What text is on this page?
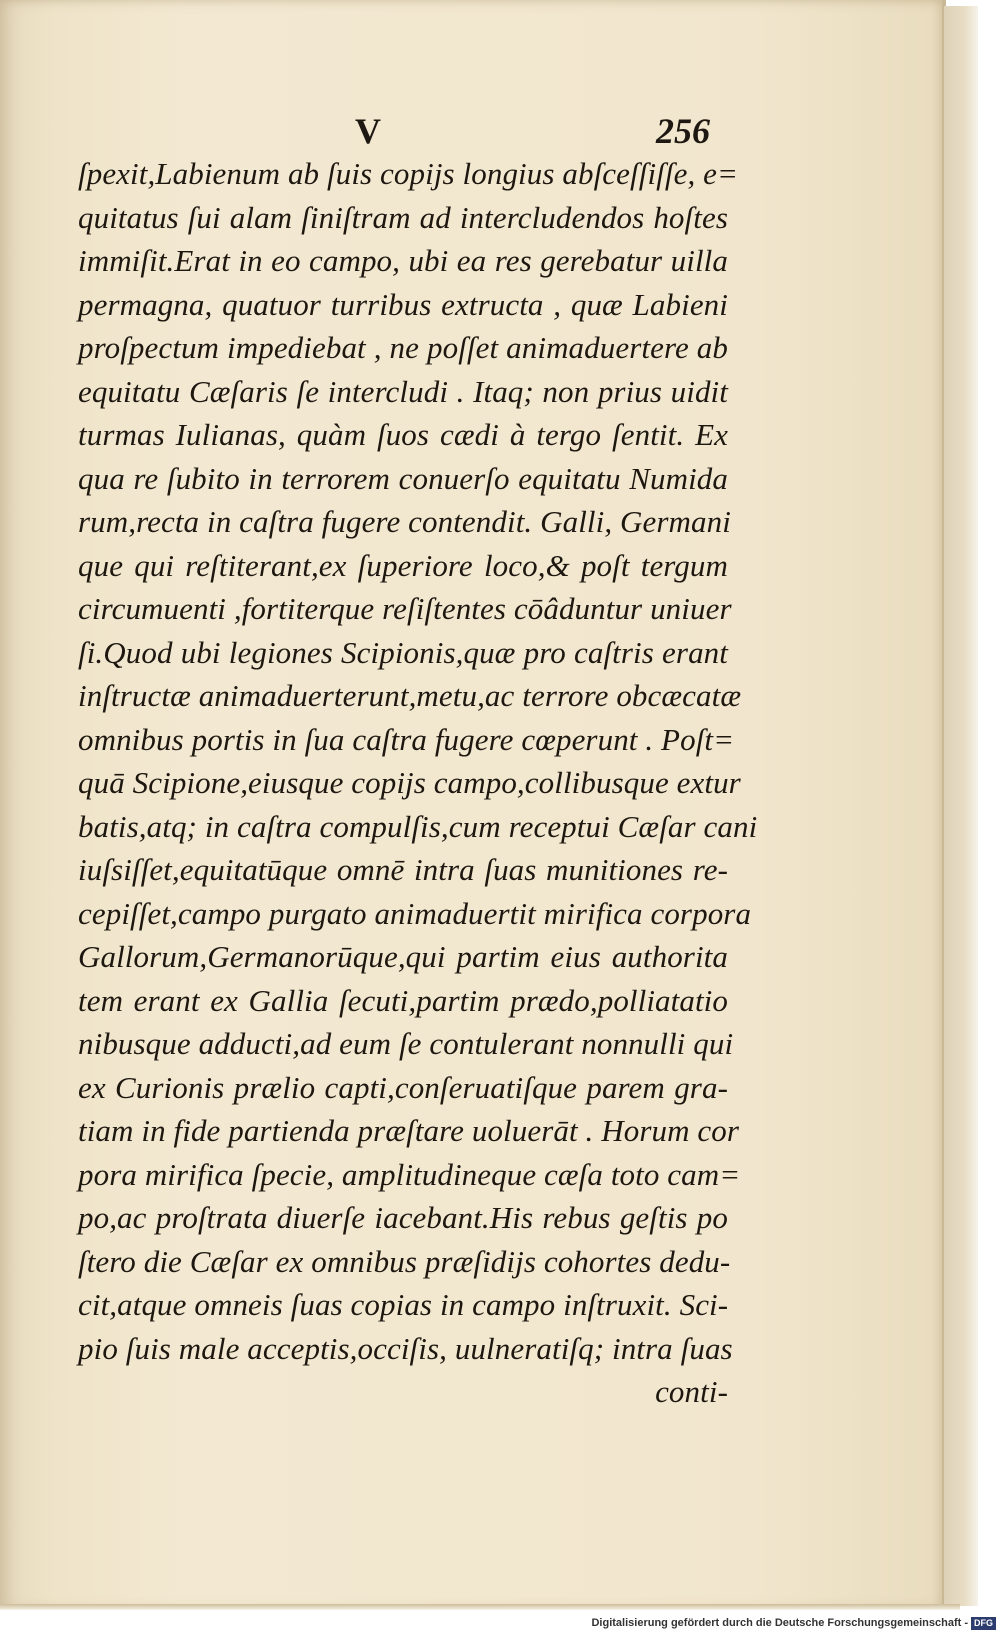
V	256
ſpexit,Labienum ab ſuis copijs longius abſceſſiſſe, e=
quitatus ſui alam ſiniſtram ad intercludendos hoſtes
immiſit.Erat in eo campo, ubi ea res gerebatur uilla
permagna, quatuor turribus extructa , quæ Labieni
proſpectum impediebat , ne poſſet animaduertere ab
equitatu Cæſaris ſe intercludi . Itaq; non prius uidit
turmas Iulianas, quàm ſuos cædi à tergo ſentit. Ex
qua re ſubito in terrorem conuerſo equitatu Numida
rum,recta in caſtra fugere contendit. Galli, Germani
que qui reſtiterant,ex ſuperiore loco,& poſt tergum
circumuenti ,fortiterque reſiſtentes cōâduntur uniuer
ſi.Quod ubi legiones Scipionis,quæ pro caſtris erant
inſtructæ animaduerterunt,metu,ac terrore obcæcatæ
omnibus portis in ſua caſtra fugere cœperunt . Poſt=
quā Scipione,eiusque copijs campo,collibusque extur
batis,atq; in caſtra compulſis,cum receptui Cæſar cani
iuſsiſſet,equitatūque omnē intra ſuas munitiones re-
cepiſſet,campo purgato animaduertit mirifica corpora
Gallorum,Germanorūque,qui partim eius authorita
tem erant ex Gallia ſecuti,partim prædo,polliatatio
nibusque adducti,ad eum ſe contulerant nonnulli qui
ex Curionis prælio capti,conſeruatiſque parem gra-
tiam in fide partienda præſtare uoluerāt . Horum cor
pora mirifica ſpecie, amplitudineque cæſa toto cam=
po,ac proſtrata diuerſe iacebant.His rebus geſtis po
ſtero die Cæſar ex omnibus præſidijs cohortes dedu-
cit,atque omneis ſuas copias in campo inſtruxit. Sci-
pio ſuis male acceptis,occiſis, uulneratiſq; intra ſuas
conti-
Digitalisierung gefördert durch die Deutsche Forschungsgemeinschaft - DFG
